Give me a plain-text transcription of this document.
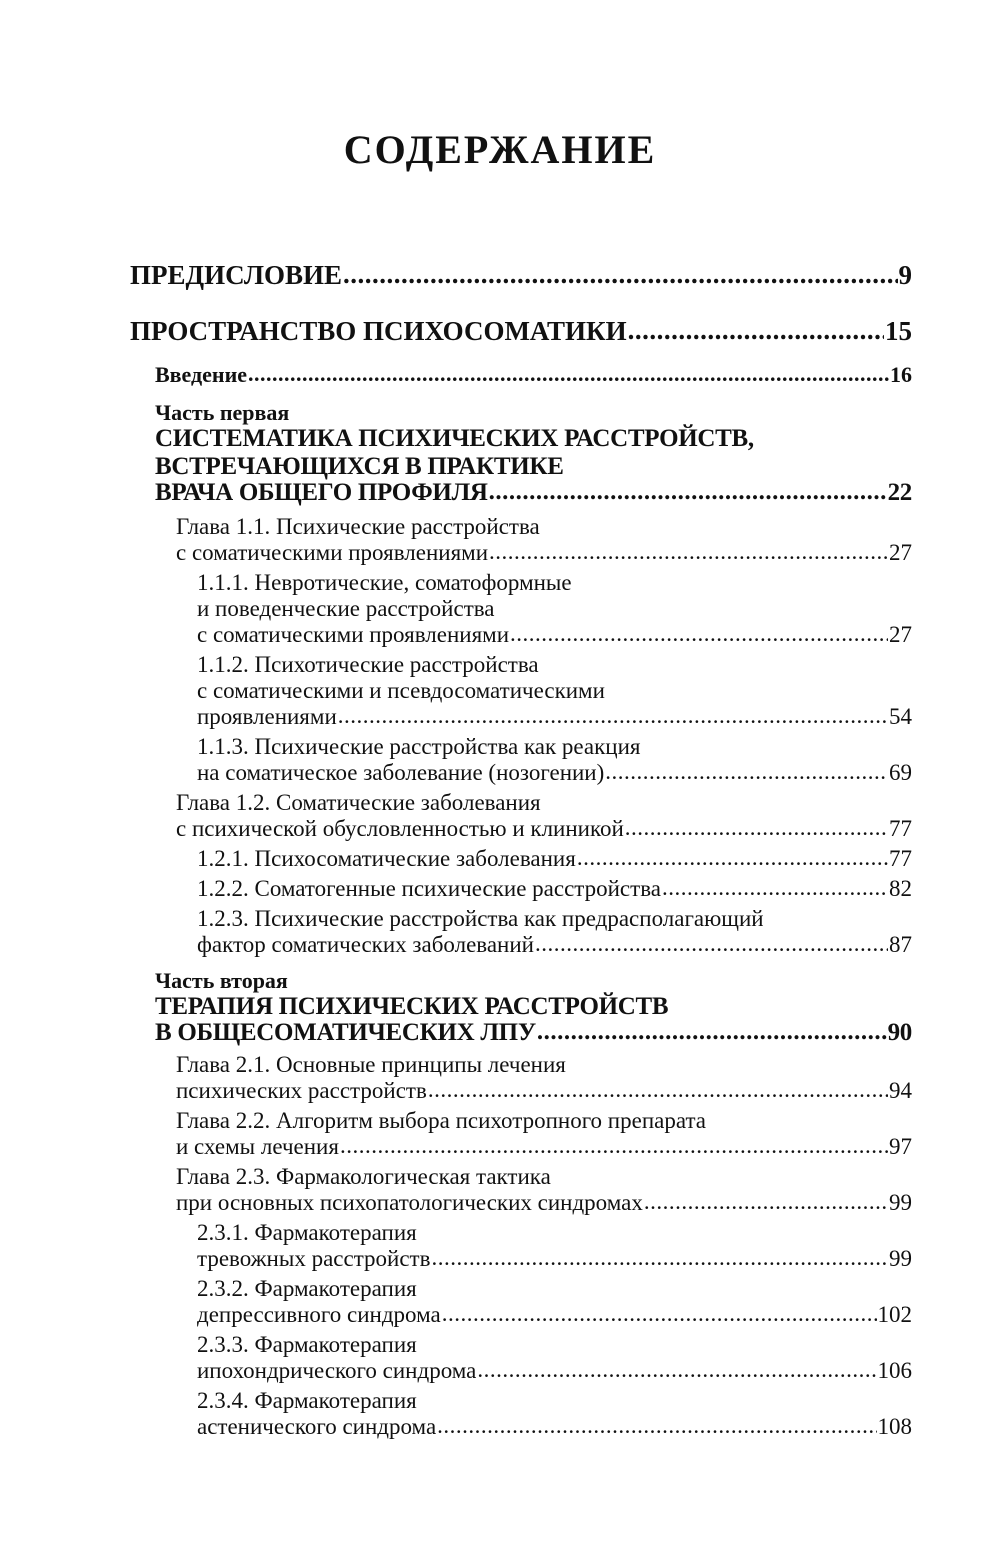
СОДЕРЖАНИЕ
ПРЕДИСЛОВИЕ .....	9
ПРОСТРАНСТВО ПСИХОСОМАТИКИ .....	15
Введение .....	16
Часть первая
СИСТЕМАТИКА ПСИХИЧЕСКИХ РАССТРОЙСТВ,
ВСТРЕЧАЮЩИХСЯ В ПРАКТИКЕ
ВРАЧА ОБЩЕГО ПРОФИЛЯ .....	22
Глава 1.1. Психические расстройства
с соматическими проявлениями .....	27
1.1.1. Невротические, соматоформные
и поведенческие расстройства
с соматическими проявлениями .....	27
1.1.2. Психотические расстройства
с соматическими и псевдосоматическими
проявлениями .....	54
1.1.3. Психические расстройства как реакция
на соматическое заболевание (нозогении) .....	69
Глава 1.2. Соматические заболевания
с психической обусловленностью и клиникой .....	77
1.2.1. Психосоматические заболевания .....	77
1.2.2. Соматогенные психические расстройства .....	82
1.2.3. Психические расстройства как предрасполагающий
фактор соматических заболеваний .....	87
Часть вторая
ТЕРАПИЯ ПСИХИЧЕСКИХ РАССТРОЙСТВ
В ОБЩЕСОМАТИЧЕСКИХ ЛПУ .....	90
Глава 2.1. Основные принципы лечения
психических расстройств .....	94
Глава 2.2. Алгоритм выбора психотропного препарата
и схемы лечения .....	97
Глава 2.3. Фармакологическая тактика
при основных психопатологических синдромах .....	99
2.3.1. Фармакотерапия
тревожных расстройств .....	99
2.3.2. Фармакотерапия
депрессивного синдрома .....	102
2.3.3. Фармакотерапия
ипохондрического синдрома .....	106
2.3.4. Фармакотерапия
астенического синдрома .....	108
